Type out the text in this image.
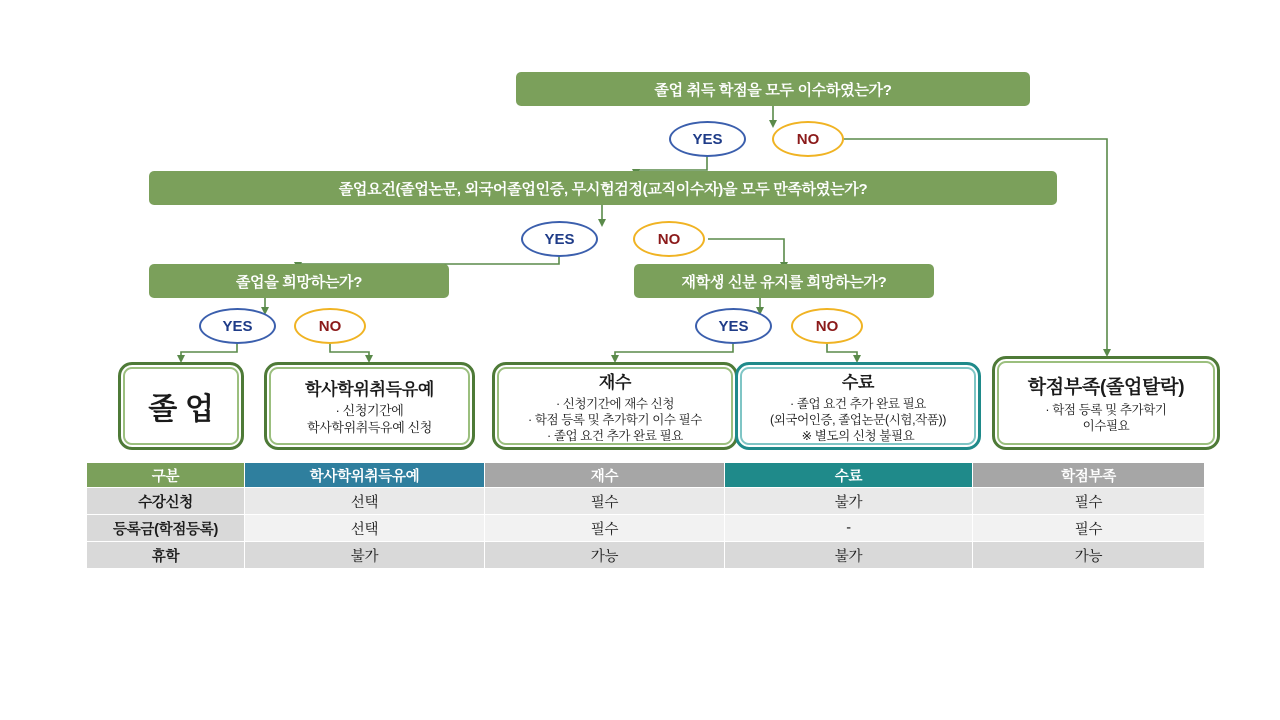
졸업 취득 학점을 모두 이수하였는가?
졸업요건(졸업논문, 외국어졸업인증, 무시험검정(교직이수자)을 모두 만족하였는가?
졸업을 희망하는가?	재학생 신분 유지를 희망하는가?
YES	NO
YES	NO
YES	NO	YES	NO
졸 업
학사학위취득유예
· 신청기간에
학사학위취득유예 신청
재수
· 신청기간에 재수 신청
· 학점 등록 및 추가학기 이수 필수
· 졸업 요건 추가 완료 필요
수료
· 졸업 요건 추가 완료 필요
(외국어인증, 졸업논문(시험,작품))
※ 별도의 신청 불필요
학점부족(졸업탈락)
· 학점 등록 및 추가학기
이수필요
구분	학사학위취득유예	재수	수료	학점부족
수강신청	선택	필수	불가	필수
등록금(학점등록)	선택	필수	-	필수
휴학	불가	가능	불가	가능
